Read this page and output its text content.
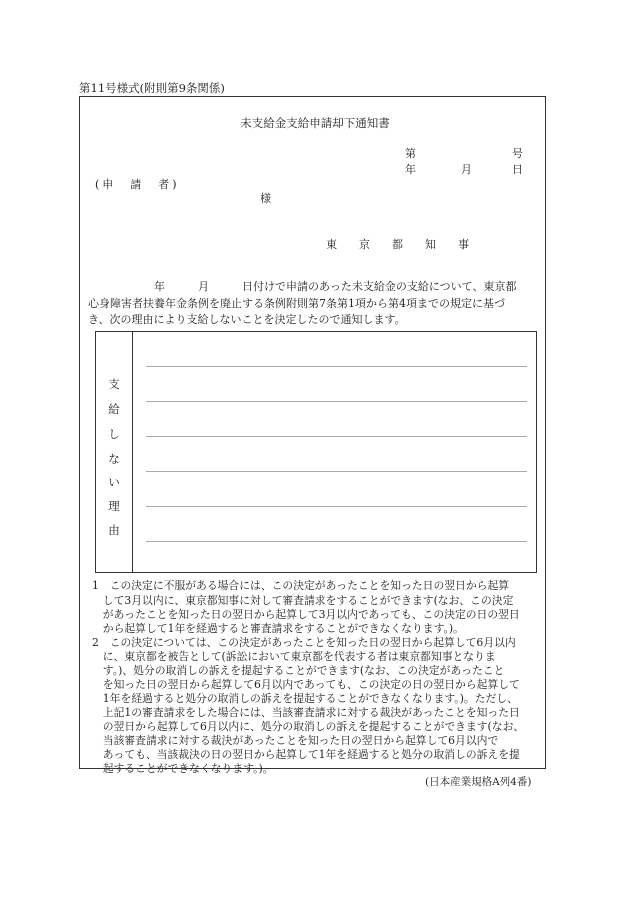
第11号様式(附則第9条関係)
未支給金支給申請却下通知書
第	号
年	月	日
(申　請　者)
様
東　　京　　都　　知　　事
　　　　　　年　　　月　　　日付けで申請のあった未支給金の支給について、東京都
心身障害者扶養年金条例を廃止する条例附則第7条第1項から第4項までの規定に基づ
き、次の理由により支給しないことを決定したので通知します。
支
給
し
な
い
理
由
1　この決定に不服がある場合には、この決定があったことを知った日の翌日から起算
　して3月以内に、東京都知事に対して審査請求をすることができます(なお、この決定
　があったことを知った日の翌日から起算して3月以内であっても、この決定の日の翌日
　から起算して1年を経過すると審査請求をすることができなくなります。)。
2　この決定については、この決定があったことを知った日の翌日から起算して6月以内
　に、東京都を被告として(訴訟において東京都を代表する者は東京都知事となりま
　す。)、処分の取消しの訴えを提起することができます(なお、この決定があったこと
　を知った日の翌日から起算して6月以内であっても、この決定の日の翌日から起算して
　1年を経過すると処分の取消しの訴えを提起することができなくなります。)。ただし、
　上記1の審査請求をした場合には、当該審査請求に対する裁決があったことを知った日
　の翌日から起算して6月以内に、処分の取消しの訴えを提起することができます(なお、
　当該審査請求に対する裁決があったことを知った日の翌日から起算して6月以内で
　あっても、当該裁決の日の翌日から起算して1年を経過すると処分の取消しの訴えを提
　起することができなくなります。)。
(日本産業規格A列4番)
